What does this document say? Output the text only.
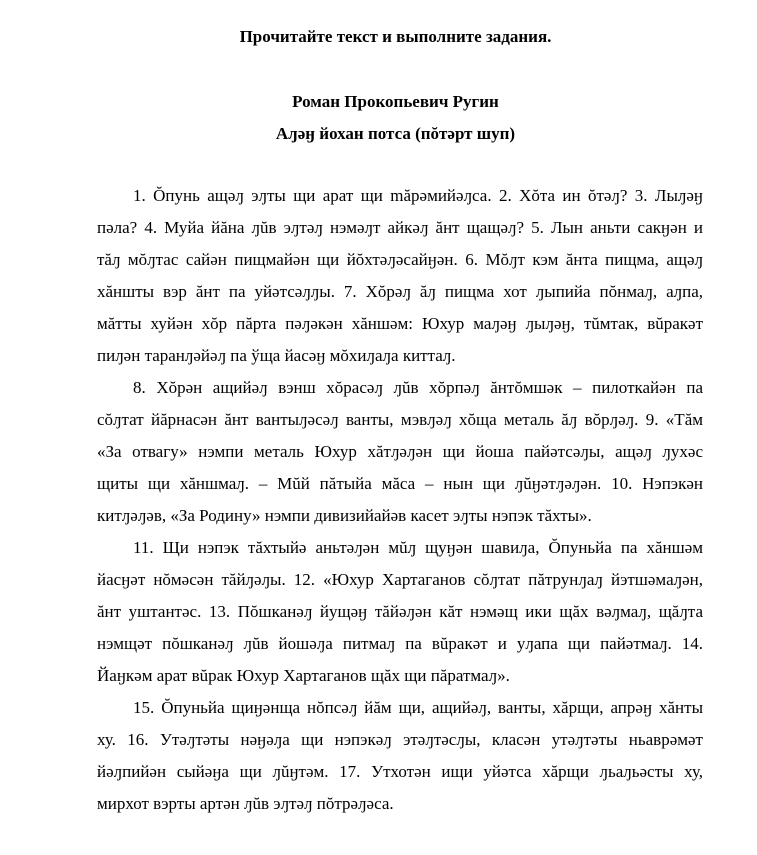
Прочитайте текст и выполните задания.
Роман Прокопьевич Ругин
Аԓәӈ йохан потса (пŏтәрт шуп)
1. Ŏпунь ащәԓ эԓты щи арат щи măрәмийәԓса. 2. Хŏта ин ŏтәԓ? 3. Лыԓәӈ
пәла? 4. Муйа йăна ԓŭв эԓтәԓ нэмәԓт айкәԓ ăнт щащәԓ? 5. Лын аньти сакӈән и
тăԓ мŏԓтас сайән пищмайән щи йŏхтәԓәсайӈән. 6. Мŏԓт кэм ăнта пищма, ащәԓ
хăншты вэр ăнт па уйәтсәԓԓы. 7. Хŏрәԓ ăԓ пищма хот ԓыпийа пŏнмаԓ, аԓпа,
мăтты хуйән хŏр пăрта пәԓәкән хăншәм: Юхур маԓәӈ ԓыԓәӈ, тŭмтак, вŭракәт
пиԓән таранԓәйәԓ па ўща йасәӈ мŏхиԓаԓа киттаԓ.
8. Хŏрән ащийәԓ вэнш хŏрасәԓ ԓŭв хŏрпәԓ ăнтŏмшәк – пилоткайән па
сŏԓтат йăрнасән ăнт вантыԓәсәԓ ванты, мэвԓәԓ хŏща металь ăԓ вŏрԓәԓ. 9. «Тăм
«За отвагу» нэмпи металь Юхур хăтԓәԓән щи йоша пайәтсәԓы, ащәԓ ԓухәс
щиты щи хăншмаԓ. – Мŭй пăтыйа мăса – нын щи ԓŭӈәтԓәԓән. 10. Нэпэкән
китԓәԓәв, «За Родину» нэмпи дивизийайәв касет эԓты нэпэк тăхты».
11. Щи нэпэк тăхтыйә аньтәԓән мŭԓ щуӈән шавиԓа, Ŏпуньйа па хăншәм
йасӈәт нŏмәсән тăйԓәԓы. 12. «Юхур Хартаганов сŏԓтат пăтрунԓаԓ йэтшәмаԓән,
ăнт уштантәс. 13. Пŏшканәԓ йущәӈ тăйәԓән кăт нэмәщ ики щăх вәԓмаԓ, щăԓта
нэмщәт пŏшканәԓ ԓŭв йошәԓа питмаԓ па вŭракәт и уԓапа щи пайәтмаԓ. 14.
Йаӈкәм арат вŭрак Юхур Хартаганов щăх щи пăратмаԓ».
15. Ŏпуньйа щиӈәнща нŏпсәԓ йăм щи, ащийәԓ, ванты, хăрщи, апрәӈ хăнты
ху. 16. Утәԓтәты нәӈәԓа щи нэпэкәԓ этәԓтәсԓы, класән утәԓтәты ньаврәмәт
йәԓпийән сыйәӈа щи ԓŭӈтәм. 17. Утхотән ищи уйәтса хăрщи ԓьаԓьәсты ху,
мирхот вэрты артән ԓŭв эԓтәԓ пŏтрәԓәса.
